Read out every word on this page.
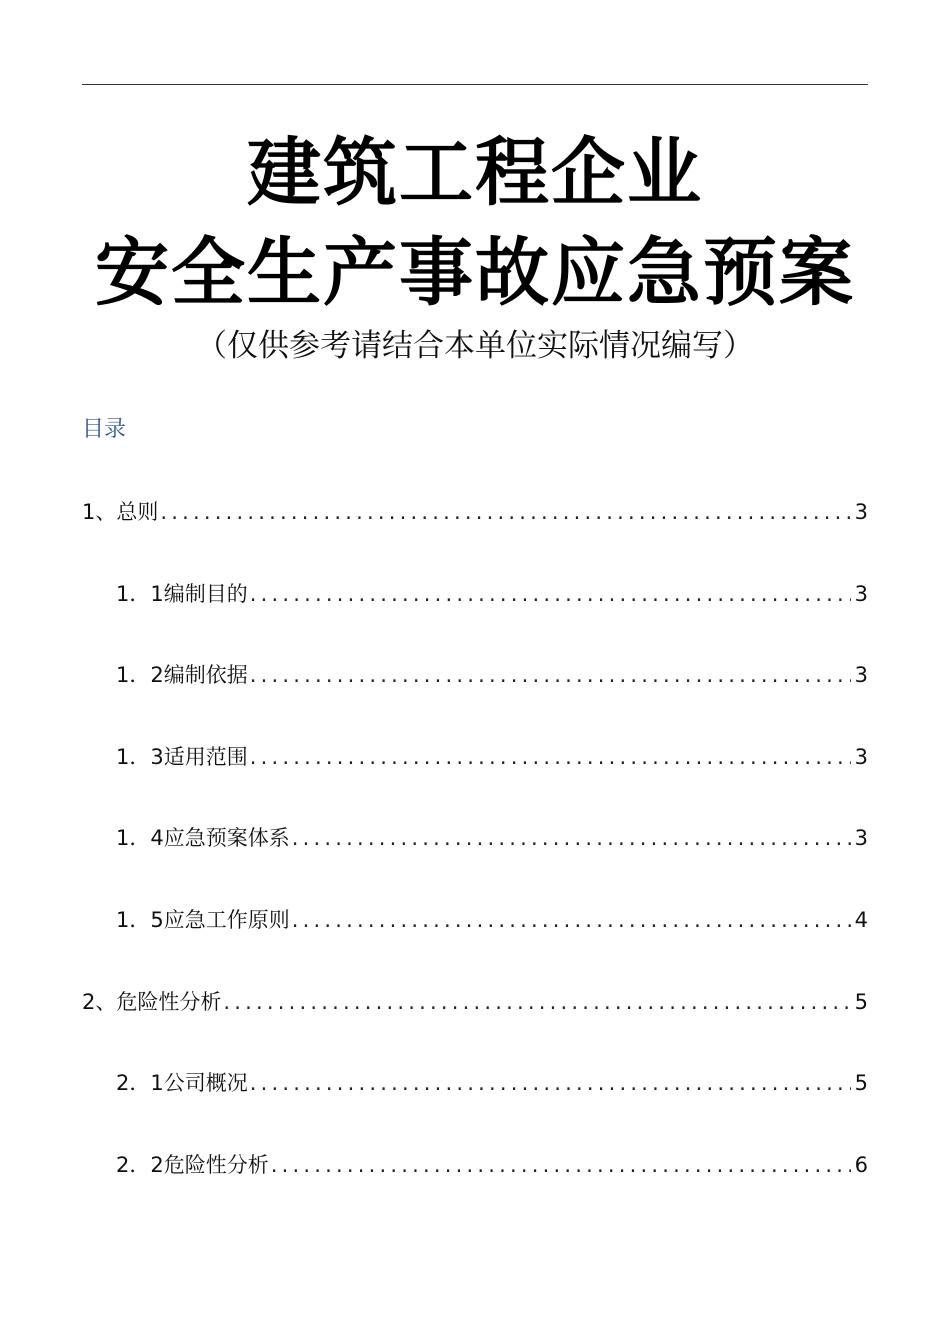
建筑工程企业
安全生产事故应急预案
（仅供参考请结合本单位实际情况编写）
目录
1、总则 .....	3
1．1编制目的 .....	3
1．2编制依据 .....	3
1．3适用范围 .....	3
1．4应急预案体系 .....	3
1．5应急工作原则 .....	4
2、危险性分析 .....	5
2．1公司概况 .....	5
2．2危险性分析 .....	6
